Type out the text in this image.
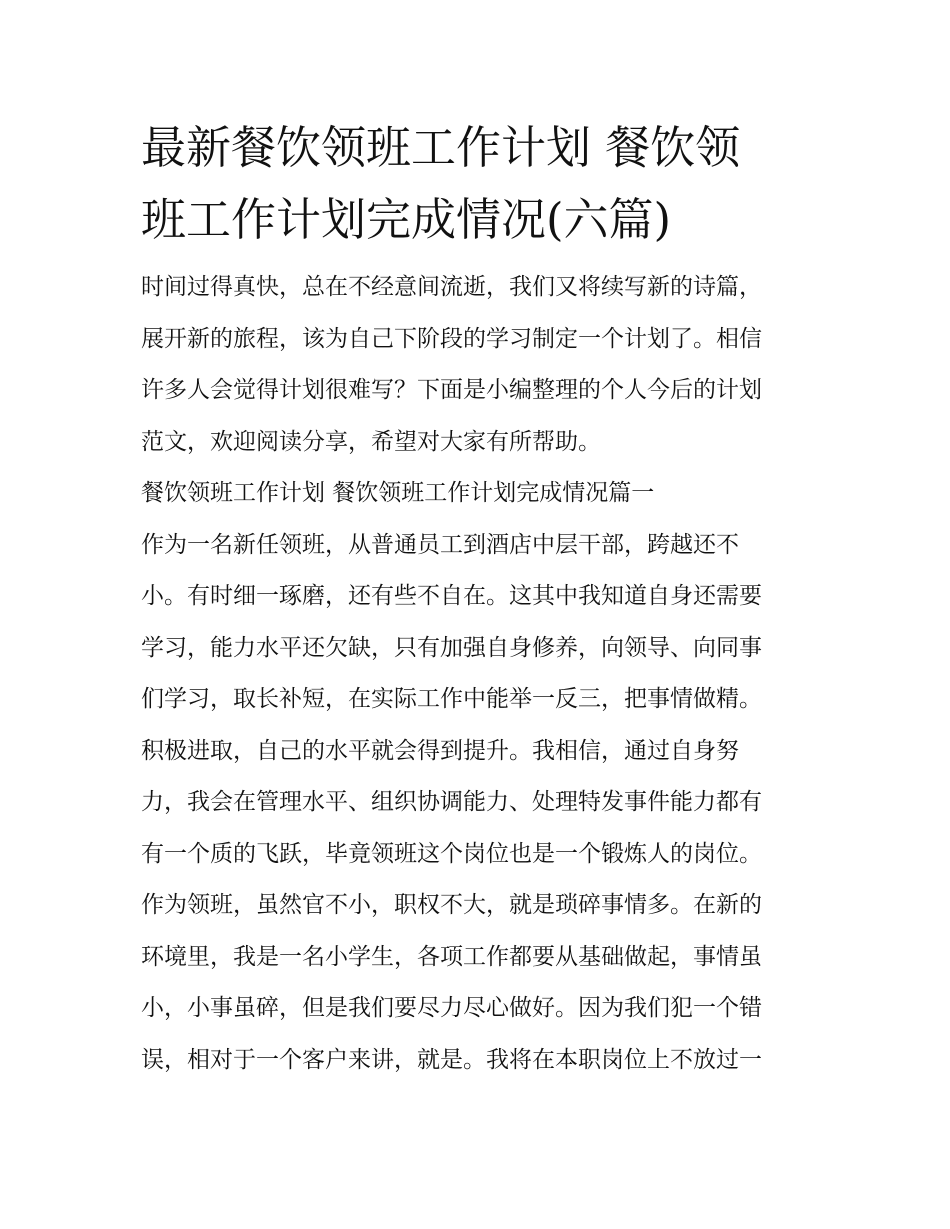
最新餐饮领班工作计划 餐饮领
班工作计划完成情况(六篇)
时间过得真快，总在不经意间流逝，我们又将续写新的诗篇，
展开新的旅程，该为自己下阶段的学习制定一个计划了。相信
许多人会觉得计划很难写？下面是小编整理的个人今后的计划
范文，欢迎阅读分享，希望对大家有所帮助。
餐饮领班工作计划 餐饮领班工作计划完成情况篇一
作为一名新任领班，从普通员工到酒店中层干部，跨越还不
小。有时细一琢磨，还有些不自在。这其中我知道自身还需要
学习，能力水平还欠缺，只有加强自身修养，向领导、向同事
们学习，取长补短，在实际工作中能举一反三，把事情做精。
积极进取，自己的水平就会得到提升。我相信，通过自身努
力，我会在管理水平、组织协调能力、处理特发事件能力都有
有一个质的飞跃，毕竟领班这个岗位也是一个锻炼人的岗位。
作为领班，虽然官不小，职权不大，就是琐碎事情多。在新的
环境里，我是一名小学生，各项工作都要从基础做起，事情虽
小，小事虽碎，但是我们要尽力尽心做好。因为我们犯一个错
误，相对于一个客户来讲，就是。我将在本职岗位上不放过一
